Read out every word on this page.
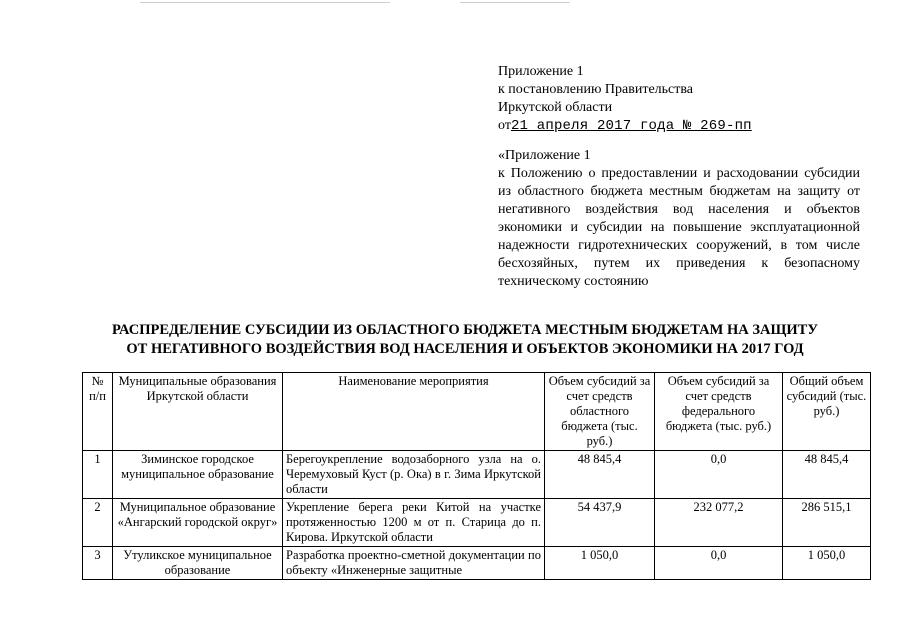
Приложение 1
к постановлению Правительства
Иркутской области
от21 апреля 2017 года № 269-пп
«Приложение 1
к Положению о предоставлении и расходовании субсидии из областного бюджета местным бюджетам на защиту от негативного воздействия вод населения и объектов экономики и субсидии на повышение эксплуатационной надежности гидротехнических сооружений, в том числе бесхозяйных, путем их приведения к безопасному техническому состоянию
РАСПРЕДЕЛЕНИЕ СУБСИДИИ ИЗ ОБЛАСТНОГО БЮДЖЕТА МЕСТНЫМ БЮДЖЕТАМ НА ЗАЩИТУ
ОТ НЕГАТИВНОГО ВОЗДЕЙСТВИЯ ВОД НАСЕЛЕНИЯ И ОБЪЕКТОВ ЭКОНОМИКИ НА 2017 ГОД
№ п/п	Муниципальные образования Иркутской области	Наименование мероприятия	Объем субсидий за счет средств областного бюджета (тыс. руб.)	Объем субсидий за счет средств федерального бюджета (тыс. руб.)	Общий объем субсидий (тыс. руб.)
1	Зиминское городское муниципальное образование	Берегоукрепление водозаборного узла на о. Черемуховый Куст (р. Ока) в г. Зима Иркутской области	48 845,4	0,0	48 845,4
2	Муниципальное образование «Ангарский городской округ»	Укрепление берега реки Китой на участке протяженностью 1200 м от п. Старица до п. Кирова. Иркутской области	54 437,9	232 077,2	286 515,1
3	Утуликское муниципальное образование	Разработка проектно-сметной документации по объекту «Инженерные защитные	1 050,0	0,0	1 050,0
